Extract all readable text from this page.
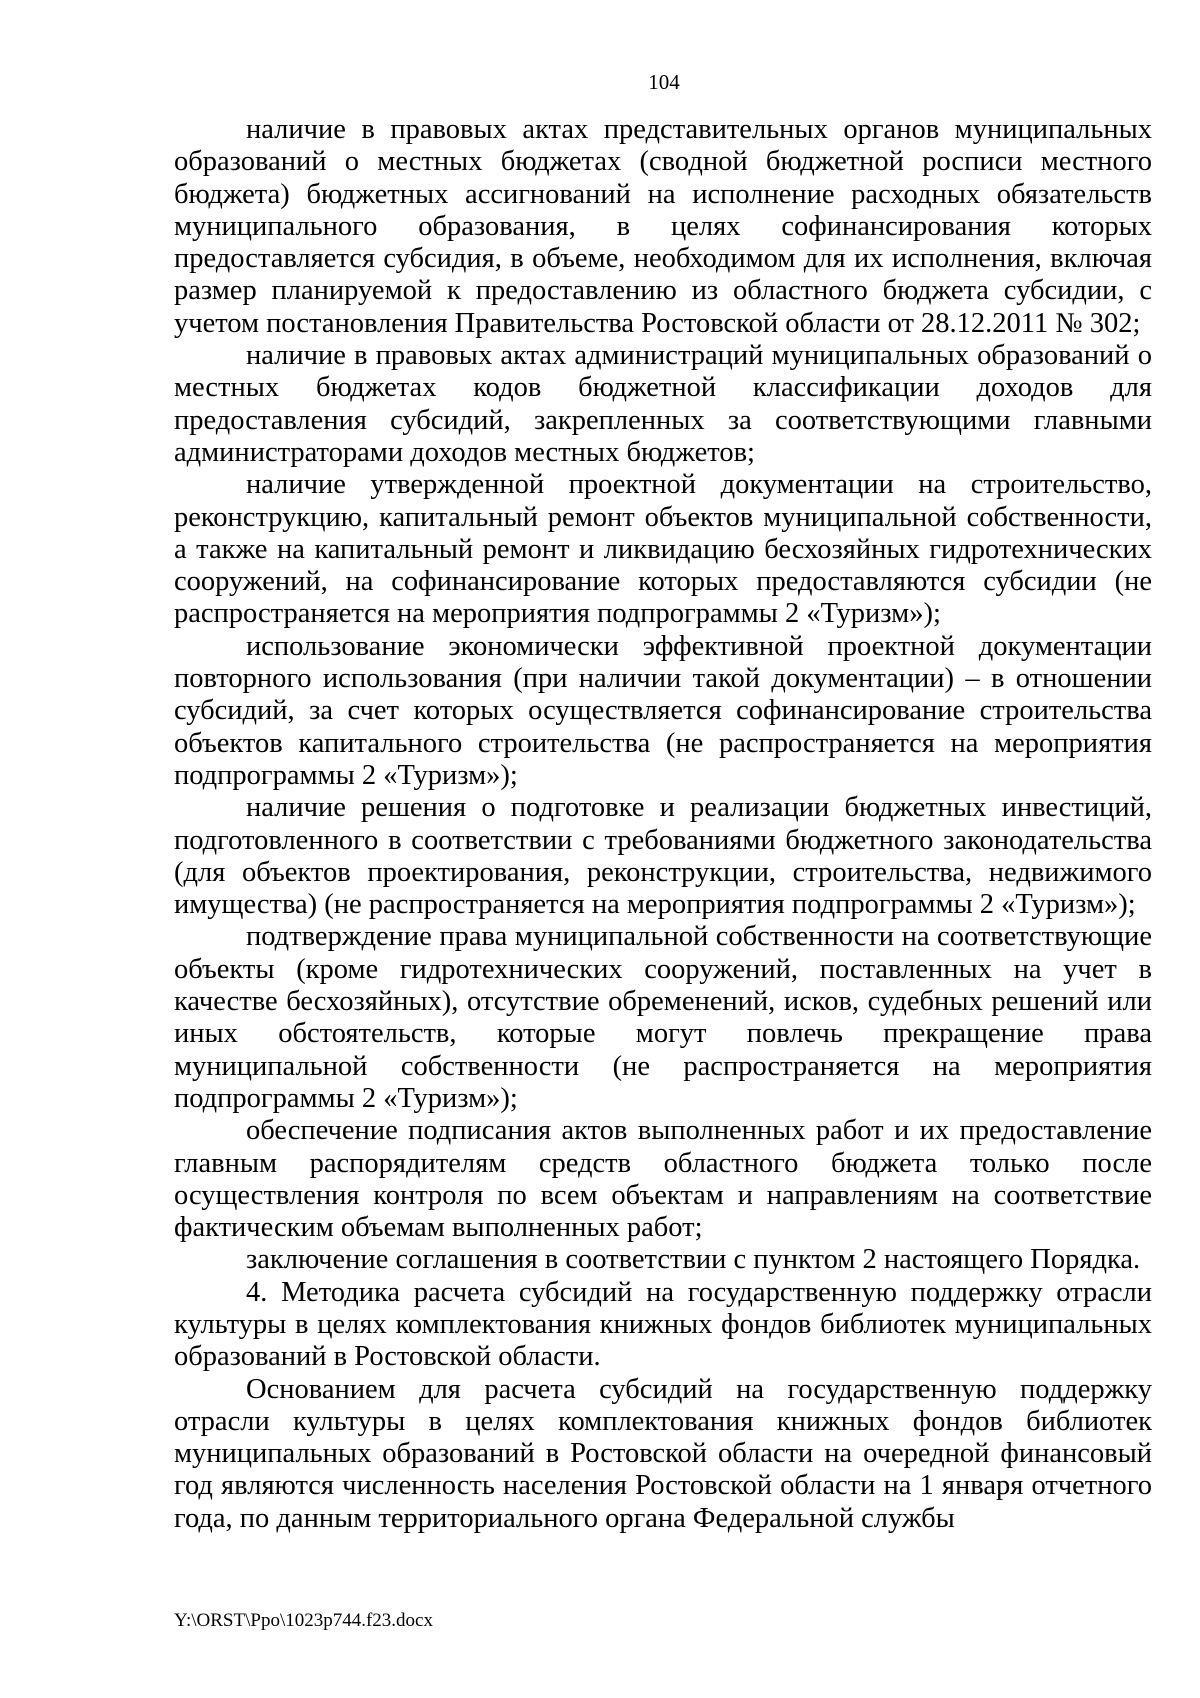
104

наличие в правовых актах представительных органов муниципальных образований о местных бюджетах (сводной бюджетной росписи местного бюджета) бюджетных ассигнований на исполнение расходных обязательств муниципального образования, в целях софинансирования которых предоставляется субсидия, в объеме, необходимом для их исполнения, включая размер планируемой к предоставлению из областного бюджета субсидии, с учетом постановления Правительства Ростовской области от 28.12.2011 № 302;

наличие в правовых актах администраций муниципальных образований о местных бюджетах кодов бюджетной классификации доходов для предоставления субсидий, закрепленных за соответствующими главными администраторами доходов местных бюджетов;

наличие утвержденной проектной документации на строительство, реконструкцию, капитальный ремонт объектов муниципальной собственности, а также на капитальный ремонт и ликвидацию бесхозяйных гидротехнических сооружений, на софинансирование которых предоставляются субсидии (не распространяется на мероприятия подпрограммы 2 «Туризм»);

использование экономически эффективной проектной документации повторного использования (при наличии такой документации) – в отношении субсидий, за счет которых осуществляется софинансирование строительства объектов капитального строительства (не распространяется на мероприятия подпрограммы 2 «Туризм»);

наличие решения о подготовке и реализации бюджетных инвестиций, подготовленного в соответствии с требованиями бюджетного законодательства (для объектов проектирования, реконструкции, строительства, недвижимого имущества) (не распространяется на мероприятия подпрограммы 2 «Туризм»);

подтверждение права муниципальной собственности на соответствующие объекты (кроме гидротехнических сооружений, поставленных на учет в качестве бесхозяйных), отсутствие обременений, исков, судебных решений или иных обстоятельств, которые могут повлечь прекращение права муниципальной собственности (не распространяется на мероприятия подпрограммы 2 «Туризм»);

обеспечение подписания актов выполненных работ и их предоставление главным распорядителям средств областного бюджета только после осуществления контроля по всем объектам и направлениям на соответствие фактическим объемам выполненных работ;

заключение соглашения в соответствии с пунктом 2 настоящего Порядка.

4. Методика расчета субсидий на государственную поддержку отрасли культуры в целях комплектования книжных фондов библиотек муниципальных образований в Ростовской области.

Основанием для расчета субсидий на государственную поддержку отрасли культуры в целях комплектования книжных фондов библиотек муниципальных образований в Ростовской области на очередной финансовый год являются численность населения Ростовской области на 1 января отчетного года, по данным территориального органа Федеральной службы

Y:\ORST\Ppo\1023p744.f23.docx
